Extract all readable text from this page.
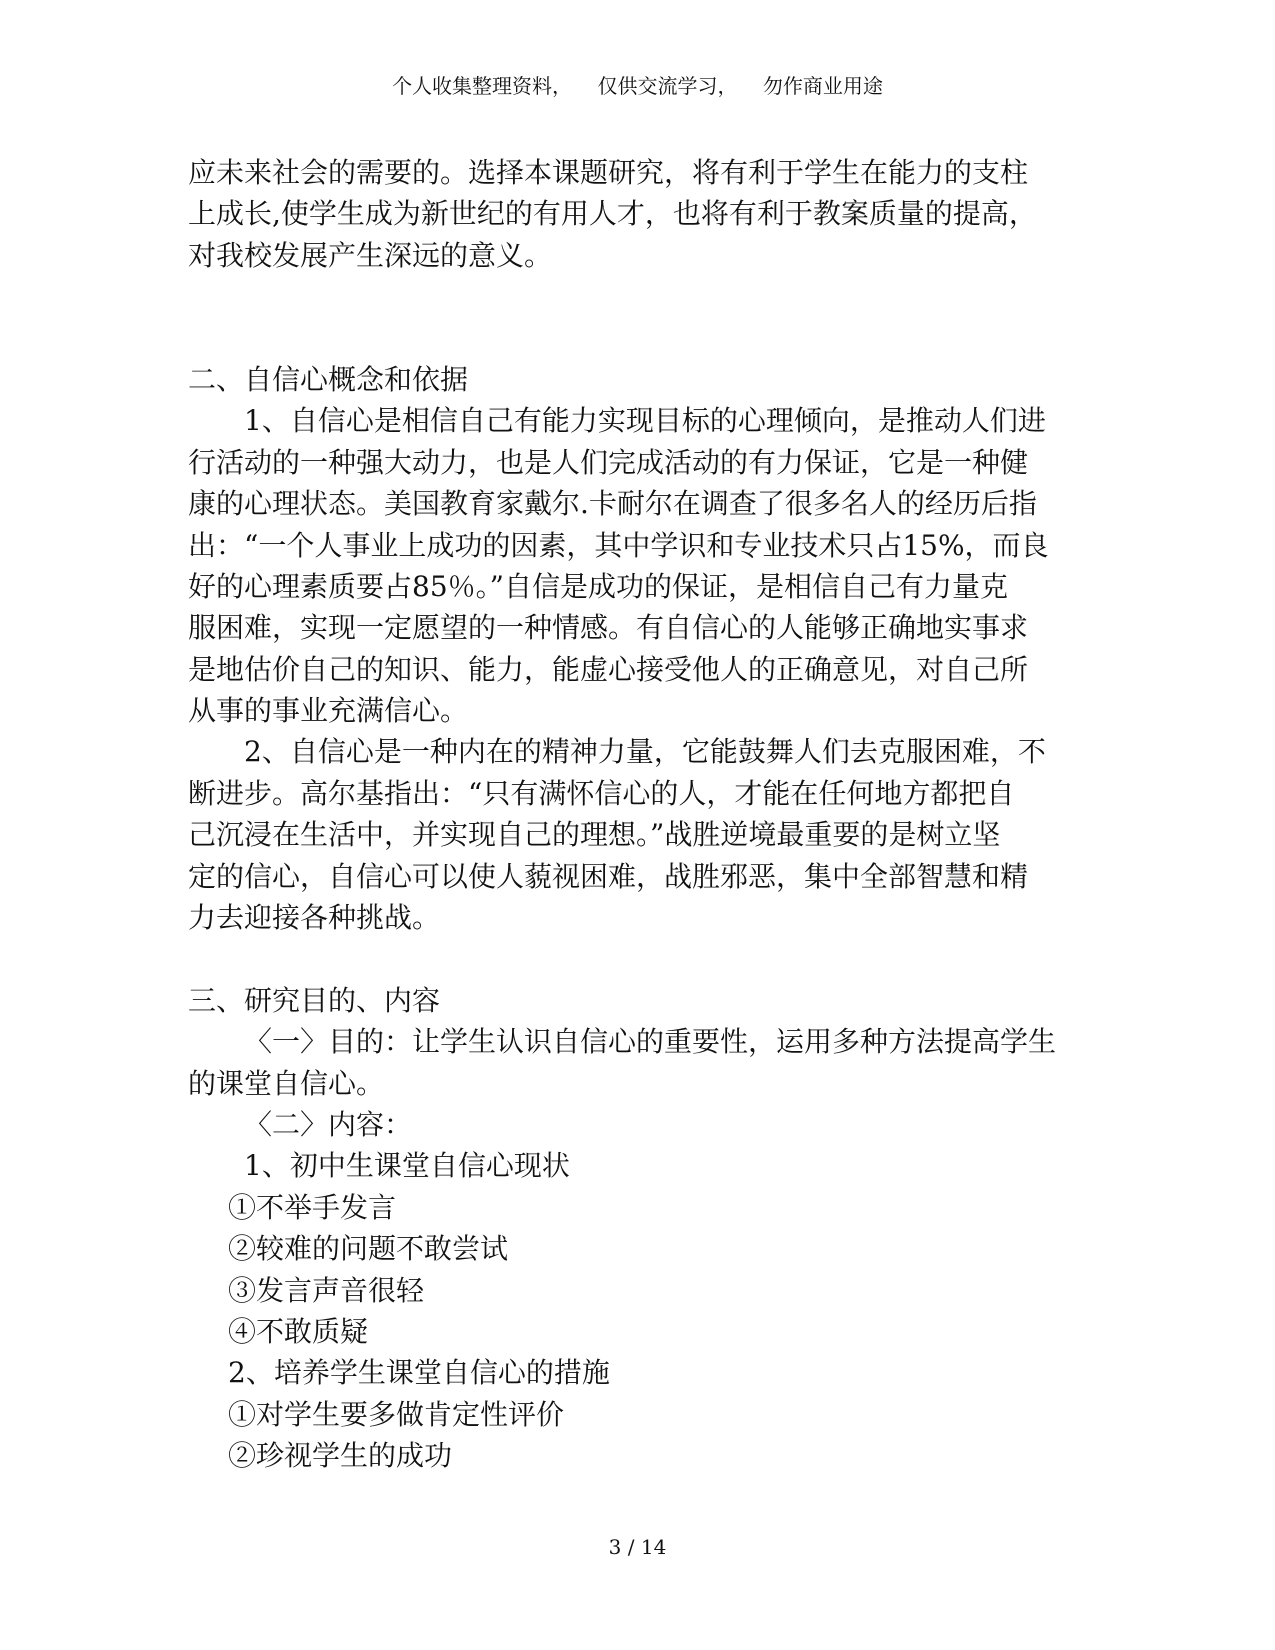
个人收集整理资料，    仅供交流学习，    勿作商业用途
应未来社会的需要的。选择本课题研究，将有利于学生在能力的支柱
上成长,使学生成为新世纪的有用人才，也将有利于教案质量的提高，
对我校发展产生深远的意义。
二、自信心概念和依据
1、自信心是相信自己有能力实现目标的心理倾向，是推动人们进
行活动的一种强大动力，也是人们完成活动的有力保证，它是一种健
康的心理状态。美国教育家戴尔.卡耐尔在调查了很多名人的经历后指
出：“一个人事业上成功的因素，其中学识和专业技术只占15%，而良
好的心理素质要占85％。”自信是成功的保证，是相信自己有力量克
服困难，实现一定愿望的一种情感。有自信心的人能够正确地实事求
是地估价自己的知识、能力，能虚心接受他人的正确意见，对自己所
从事的事业充满信心。
2、自信心是一种内在的精神力量，它能鼓舞人们去克服困难，不
断进步。高尔基指出：“只有满怀信心的人，才能在任何地方都把自
己沉浸在生活中，并实现自己的理想。”战胜逆境最重要的是树立坚
定的信心，自信心可以使人藐视困难，战胜邪恶，集中全部智慧和精
力去迎接各种挑战。
三、研究目的、内容
〈一〉目的：让学生认识自信心的重要性，运用多种方法提高学生
的课堂自信心。
〈二〉内容：
1、初中生课堂自信心现状
①不举手发言
②较难的问题不敢尝试
③发言声音很轻
④不敢质疑
2、培养学生课堂自信心的措施
①对学生要多做肯定性评价
②珍视学生的成功
3 / 14
